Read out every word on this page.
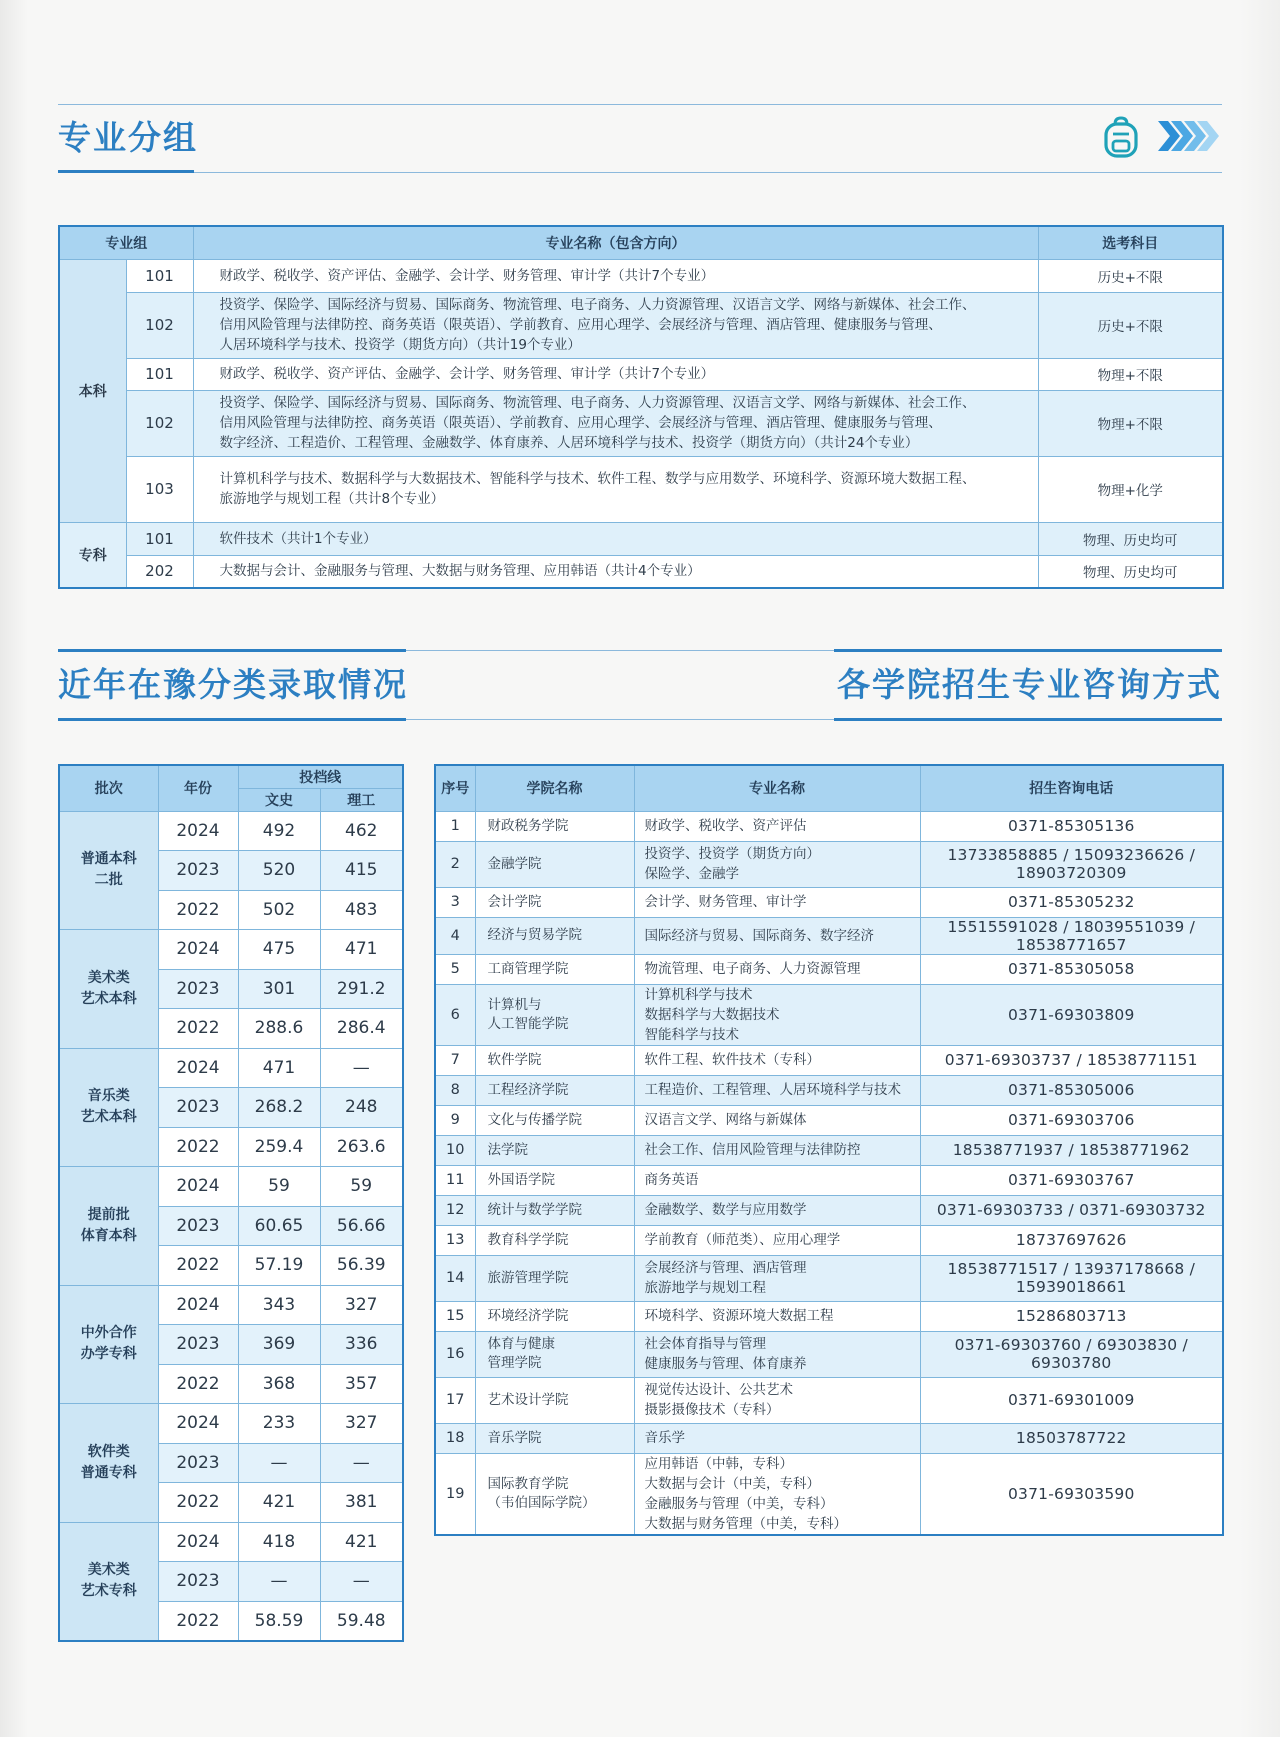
专业分组
专业组		专业名称（包含方向）	选考科目
本科	101	财政学、税收学、资产评估、金融学、会计学、财务管理、审计学（共计7个专业）	历史+不限
	102	投资学、保险学、国际经济与贸易、国际商务、物流管理、电子商务、人力资源管理、汉语言文学、网络与新媒体、社会工作、
信用风险管理与法律防控、商务英语（限英语）、学前教育、应用心理学、会展经济与管理、酒店管理、健康服务与管理、
人居环境科学与技术、投资学（期货方向）（共计19个专业）	历史+不限
	101	财政学、税收学、资产评估、金融学、会计学、财务管理、审计学（共计7个专业）	物理+不限
	102	投资学、保险学、国际经济与贸易、国际商务、物流管理、电子商务、人力资源管理、汉语言文学、网络与新媒体、社会工作、
信用风险管理与法律防控、商务英语（限英语）、学前教育、应用心理学、会展经济与管理、酒店管理、健康服务与管理、
数字经济、工程造价、工程管理、金融数学、体育康养、人居环境科学与技术、投资学（期货方向）（共计24个专业）	物理+不限
	103	计算机科学与技术、数据科学与大数据技术、智能科学与技术、软件工程、数学与应用数学、环境科学、资源环境大数据工程、
旅游地学与规划工程（共计8个专业）	物理+化学
专科	101	软件技术（共计1个专业）	物理、历史均可
	202	大数据与会计、金融服务与管理、大数据与财务管理、应用韩语（共计4个专业）	物理、历史均可
近年在豫分类录取情况	各学院招生专业咨询方式
批次	年份	投档线	
		文史	理工

普通本科
二批	2024	492	462
	2023	520	415
	2022	502	483

美术类
艺术本科	2024	475	471
	2023	301	291.2
	2022	288.6	286.4

音乐类
艺术本科	2024	471	—
	2023	268.2	248
	2022	259.4	263.6

提前批
体育本科	2024	59	59
	2023	60.65	56.66
	2022	57.19	56.39

中外合作
办学专科	2024	343	327
	2023	369	336
	2022	368	357

软件类
普通专科	2024	233	327
	2023	—	—
	2022	421	381

美术类
艺术专科	2024	418	421
	2023	—	—
	2022	58.59	59.48
序号	学院名称	专业名称	招生咨询电话
1	财政税务学院	财政学、税收学、资产评估	0371-85305136
2	金融学院	投资学、投资学（期货方向）
保险学、金融学	13733858885 / 15093236626 / 18903720309
3	会计学院	会计学、财务管理、审计学	0371-85305232
4	经济与贸易学院	国际经济与贸易、国际商务、数字经济	15515591028 / 18039551039 / 18538771657
5	工商管理学院	物流管理、电子商务、人力资源管理	0371-85305058
6	计算机与
人工智能学院	计算机科学与技术
数据科学与大数据技术
智能科学与技术	0371-69303809
7	软件学院	软件工程、软件技术（专科）	0371-69303737 / 18538771151
8	工程经济学院	工程造价、工程管理、人居环境科学与技术	0371-85305006
9	文化与传播学院	汉语言文学、网络与新媒体	0371-69303706
10	法学院	社会工作、信用风险管理与法律防控	18538771937 / 18538771962
11	外国语学院	商务英语	0371-69303767
12	统计与数学学院	金融数学、数学与应用数学	0371-69303733 / 0371-69303732
13	教育科学学院	学前教育（师范类）、应用心理学	18737697626
14	旅游管理学院	会展经济与管理、酒店管理
旅游地学与规划工程	18538771517 / 13937178668 / 15939018661
15	环境经济学院	环境科学、资源环境大数据工程	15286803713
16	体育与健康
管理学院	社会体育指导与管理
健康服务与管理、体育康养	0371-69303760 / 69303830 / 69303780
17	艺术设计学院	视觉传达设计、公共艺术
摄影摄像技术（专科）	0371-69301009
18	音乐学院	音乐学	18503787722
19	国际教育学院
（韦伯国际学院）	应用韩语（中韩，专科）
大数据与会计（中美，专科）
金融服务与管理（中美，专科）
大数据与财务管理（中美，专科）	0371-69303590
